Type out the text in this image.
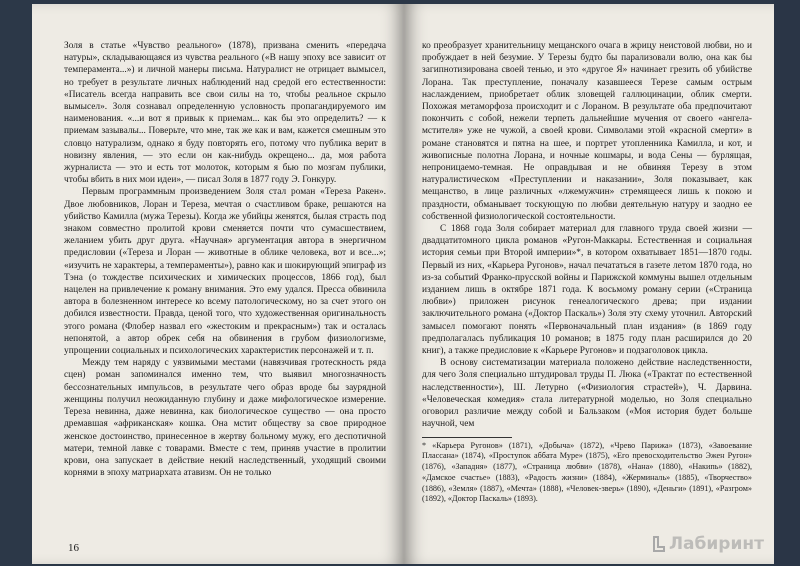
Золя в статье «Чувство реального» (1878), призвана сменить «передача натуры», складывающаяся из чувства реального («В нашу эпоху все зависит от темперамента...») и личной манеры письма. Натуралист не отрицает вымысел, но требует в результате личных наблюдений над средой его естественности: «Писатель всегда направить все свои силы на то, чтобы реальное скрыло вымысел». Золя сознавал определенную условность пропагандируемого им наименования. «...и вот я привык к приемам... как бы это определить? — к приемам зазывалы... Поверьте, что мне, так же как и вам, кажется смешным это словцо натурализм, однако я буду повторять его, потому что публика верит в новизну явления, — это если он как-нибудь окрещено... да, моя работа журналиста — это и есть тот молоток, которым я бью по мозгам публики, чтобы вбить в них мои идеи», — писал Золя в 1877 году Э. Гонкуру.

Первым программным произведением Золя стал роман «Тереза Ракен». Двое любовников, Лоран и Тереза, мечтая о счастливом браке, решаются на убийство Камилла (мужа Терезы). Когда же убийцы женятся, былая страсть под знаком совместно пролитой крови сменяется почти что сумасшествием, желанием убить друг друга. «Научная» аргументация автора в энергичном предисловии («Тереза и Лоран — животные в облике человека, вот и все...»; «изучить не характеры, а темпераменты»), равно как и шокирующий эпиграф из Тэна (о тождестве психических и химических процессов, 1866 год), был нацелен на привлечение к роману внимания. Это ему удался. Пресса обвинила автора в болезненном интересе ко всему патологическому, но за счет этого он добился известности. Правда, ценой того, что художественная оригинальность этого романа (Флобер назвал его «жестоким и прекрасным») так и осталась непонятой, а автор обрек себя на обвинения в грубом физиологизме, упрощении социальных и психологических характеристик персонажей и т. п.

Между тем наряду с уязвимыми местами (навязчивая гротескность ряда сцен) роман запоминался именно тем, что выявил многозначность бессознательных импульсов, в результате чего образ вроде бы заурядной женщины получил неожиданную глубину и даже мифологическое измерение. Тереза невинна, даже невинна, как биологическое существо — она просто дремавшая «африканская» кошка. Она мстит обществу за свое природное женское достоинство, принесенное в жертву больному мужу, его деспотичной матери, темной лавке с товарами. Вместе с тем, приняв участие в пролитии крови, она запускает в действие некий наследственный, уходящий своими корнями в эпоху матриархата атавизм. Он не только

16

ко преобразует хранительницу мещанского очага в жрицу неистовой любви, но и пробуждает в ней безумие. У Терезы будто бы парализовали волю, она как бы загипнотизирована своей тенью, и это «другое Я» начинает грезить об убийстве Лорана. Так преступление, поначалу казавшееся Терезе самым острым наслаждением, приобретает облик зловещей галлюцинации, облик смерти. Похожая метаморфоза происходит и с Лораном. В результате оба предпочитают покончить с собой, нежели терпеть дальнейшие мучения от своего «ангела-мстителя» уже не чужой, а своей крови. Символами этой «красной смерти» в романе становятся и пятна на шее, и портрет утопленника Камилла, и кот, и живописные полотна Лорана, и ночные кошмары, и вода Сены — бурлящая, непроницаемо-темная. Не оправдывая и не обвиняя Терезу в этом натуралистическом «Преступлении и наказании», Золя показывает, как мещанство, в лице различных «лжемужчин» стремящееся лишь к покою и праздности, обманывает тоскующую по любви деятельную натуру и заодно ее собственной физиологической состоятельности.

С 1868 года Золя собирает материал для главного труда своей жизни — двадцатитомного цикла романов «Ругон-Маккары. Естественная и социальная история семьи при Второй империи»*, в котором охватывает 1851—1870 годы. Первый из них, «Карьера Ругонов», начал печататься в газете летом 1870 года, но из-за событий Франко-прусской войны и Парижской коммуны вышел отдельным изданием лишь в октябре 1871 года. К восьмому роману серии («Страница любви») приложен рисунок генеалогического древа; при издании заключительного романа («Доктор Паскаль») Золя эту схему уточнил. Авторский замысел помогают понять «Первоначальный план издания» (в 1869 году предполагалась публикация 10 романов; в 1875 году план расширился до 20 книг), а также предисловие к «Карьере Ругонов» и подзаголовок цикла.

В основу систематизации материала положено действие наследственности, для чего Золя специально штудировал труды П. Люка («Трактат по естественной наследственности»), Ш. Летурно («Физиология страстей»), Ч. Дарвина. «Человеческая комедия» стала литературной моделью, но Золя специально оговорил различие между собой и Бальзаком («Моя история будет больше научной, чем

* «Карьера Ругонов» (1871), «Добыча» (1872), «Чрево Парижа» (1873), «Завоевание Плассана» (1874), «Проступок аббата Муре» (1875), «Его превосходительство Эжен Ругон» (1876), «Западня» (1877), «Страница любви» (1878), «Нана» (1880), «Накипь» (1882), «Дамское счастье» (1883), «Радость жизни» (1884), «Жерминаль» (1885), «Творчество» (1886), «Земля» (1887), «Мечта» (1888), «Человек-зверь» (1890), «Деньги» (1891), «Разгром» (1892), «Доктор Паскаль» (1893).

Лабиринт
